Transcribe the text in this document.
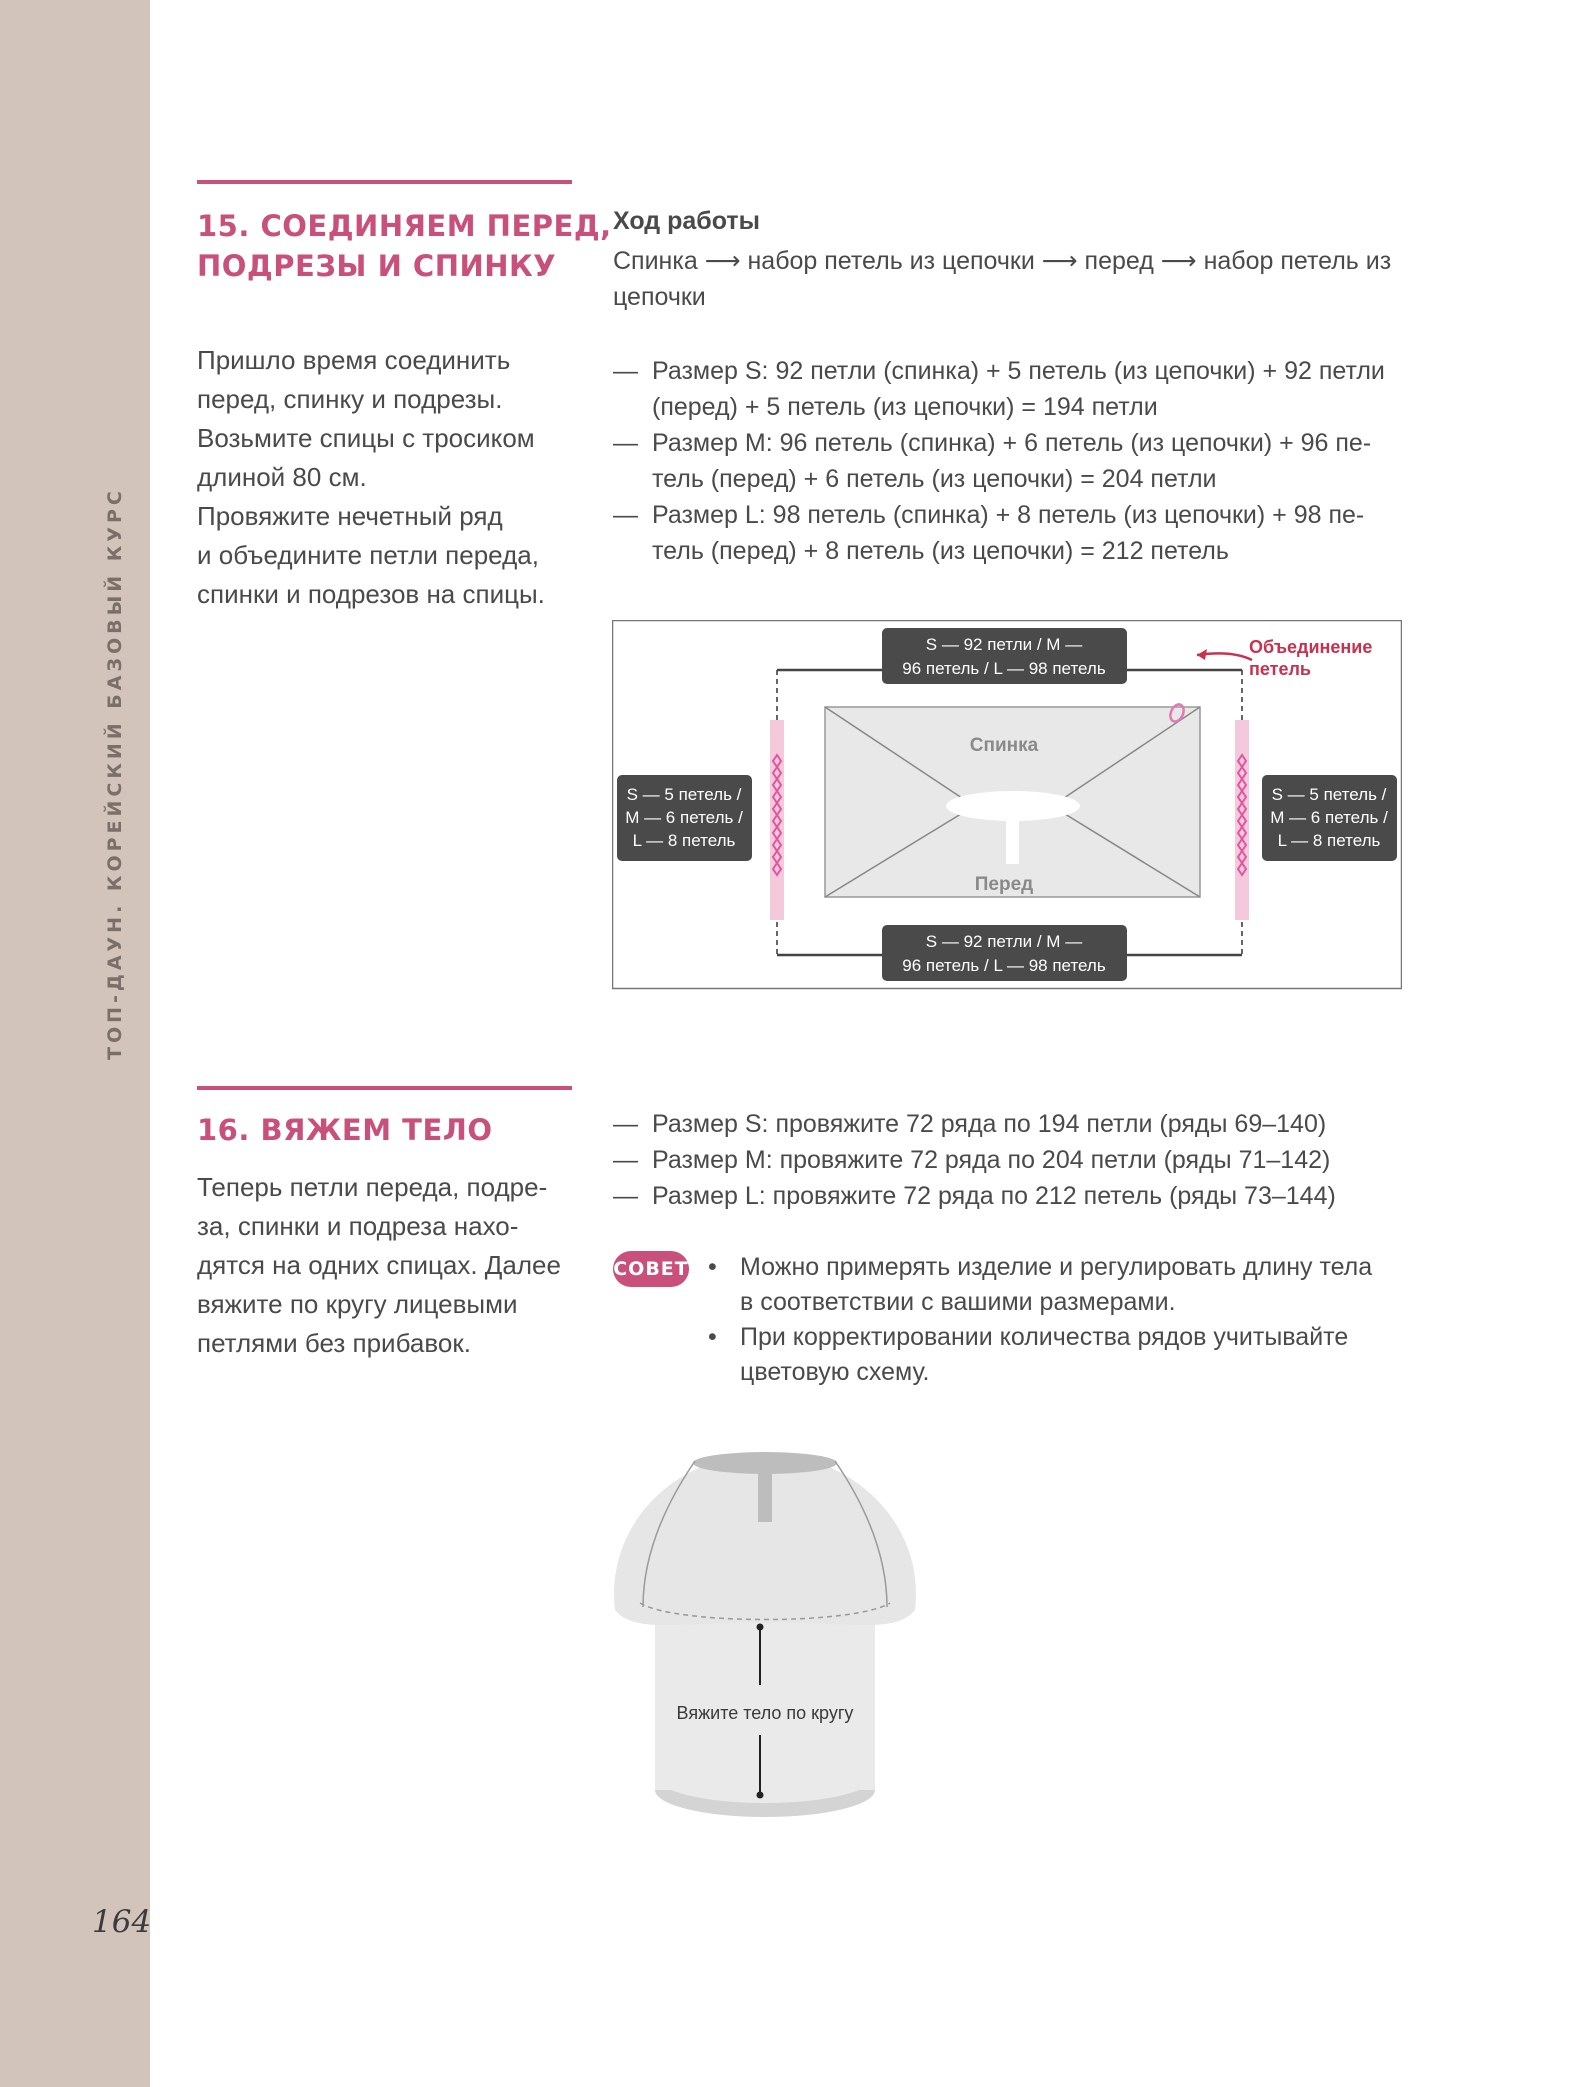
ТОП-ДАУН. КОРЕЙСКИЙ БАЗОВЫЙ КУРС
164
15. СОЕДИНЯЕМ ПЕРЕД,
ПОДРЕЗЫ И СПИНКУ

Пришло время соединить
перед, спинку и подрезы.
Возьмите спицы с тросиком
длиной 80 см.
Провяжите нечетный ряд
и объедините петли переда,
спинки и подрезов на спицы.

Ход работы

Спинка ⟶ набор петель из цепочки ⟶ перед ⟶ набор петель из
цепочки

— Размер S: 92 петли (спинка) + 5 петель (из цепочки) + 92 петли
(перед) + 5 петель (из цепочки) = 194 петли
— Размер M: 96 петель (спинка) + 6 петель (из цепочки) + 96 пе-
тель (перед) + 6 петель (из цепочки) = 204 петли
— Размер L: 98 петель (спинка) + 8 петель (из цепочки) + 98 пе-
тель (перед) + 8 петель (из цепочки) = 212 петель
Спинка
Перед
S — 92 петли / M —
96 петель / L — 98 петель
S — 92 петли / M —
96 петель / L — 98 петель
S — 5 петель /
M — 6 петель /
L — 8 петель
S — 5 петель /
M — 6 петель /
L — 8 петель
Объединение
петель
16. ВЯЖЕМ ТЕЛО

Теперь петли переда, подре-
за, спинки и подреза нахо-
дятся на одних спицах. Далее
вяжите по кругу лицевыми
петлями без прибавок.

— Размер S: провяжите 72 ряда по 194 петли (ряды 69–140)
— Размер M: провяжите 72 ряда по 204 петли (ряды 71–142)
— Размер L: провяжите 72 ряда по 212 петель (ряды 73–144)
СОВЕТ • Можно примерять изделие и регулировать длину тела
в соответствии с вашими размерами.
• При корректировании количества рядов учитывайте
цветовую схему.
Вяжите тело по кругу
